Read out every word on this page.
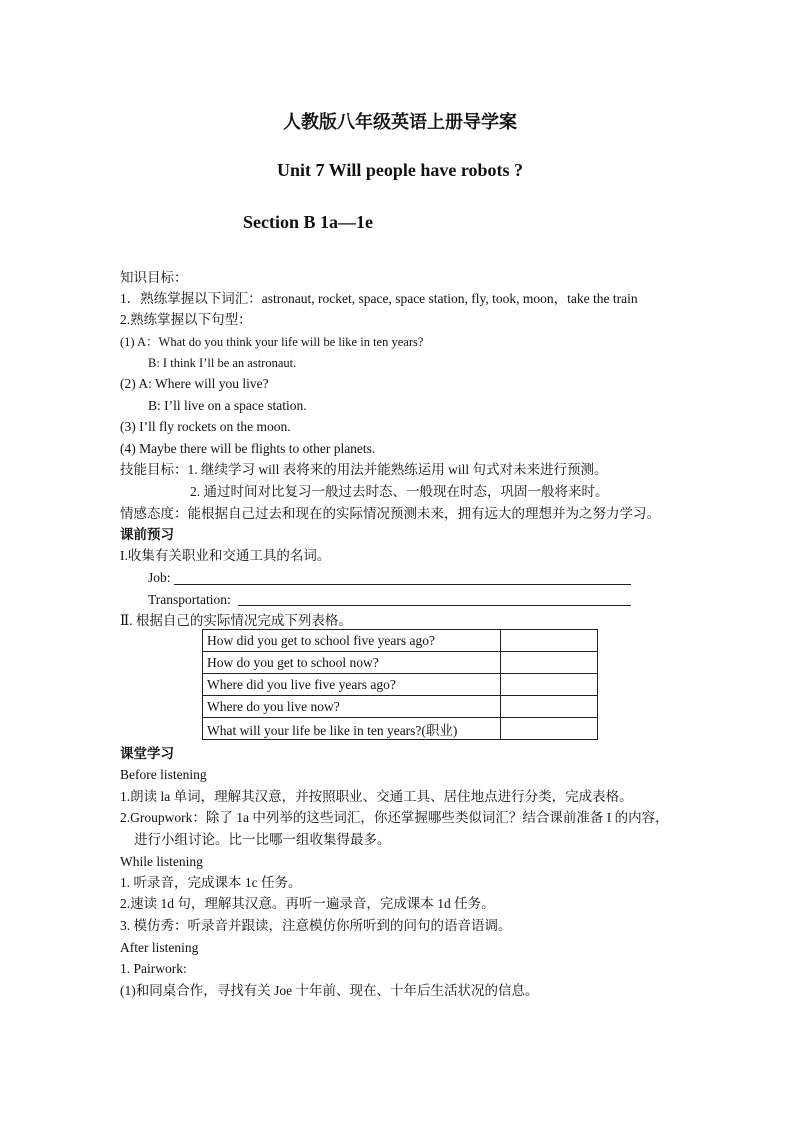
人教版八年级英语上册导学案
Unit 7 Will people have robots ?
Section B 1a—1e
知识目标：
1．熟练掌握以下词汇：astronaut, rocket, space, space station, fly, took, moon，take the train
2.熟练掌握以下句型：
(1) A：What do you think your life will be like in ten years?
B: I think I’ll be an astronaut.
(2) A: Where will you live?
B: I’ll live on a space station.
(3) I’ll fly rockets on the moon.
(4) Maybe there will be flights to other planets.
技能目标：1. 继续学习 will 表将来的用法并能熟练运用 will 句式对未来进行预测。
2. 通过时间对比复习一般过去时态、一般现在时态，巩固一般将来时。
情感态度：能根据自己过去和现在的实际情况预测未来，拥有远大的理想并为之努力学习。
课前预习
I.收集有关职业和交通工具的名词。
Job:
Transportation:
Ⅱ. 根据自己的实际情况完成下列表格。
How did you get to school five years ago?	
How do you get to school now?	
Where did you live five years ago?	
Where do you live now?	
What will your life be like in ten years?(职业)	
课堂学习
Before listening
1.朗读 la 单词，理解其汉意，并按照职业、交通工具、居住地点进行分类，完成表格。
2.Groupwork：除了 1a 中列举的这些词汇，你还掌握哪些类似词汇？结合课前准备 I 的内容，
进行小组讨论。比一比哪一组收集得最多。
While listening
1. 听录音，完成课本 1c 任务。
2.速读 1d 句，理解其汉意。再听一遍录音，完成课本 1d 任务。
3. 模仿秀：听录音并跟读，注意模仿你所听到的问句的语音语调。
After listening
1. Pairwork:
(1)和同桌合作，寻找有关 Joe 十年前、现在、十年后生活状况的信息。
